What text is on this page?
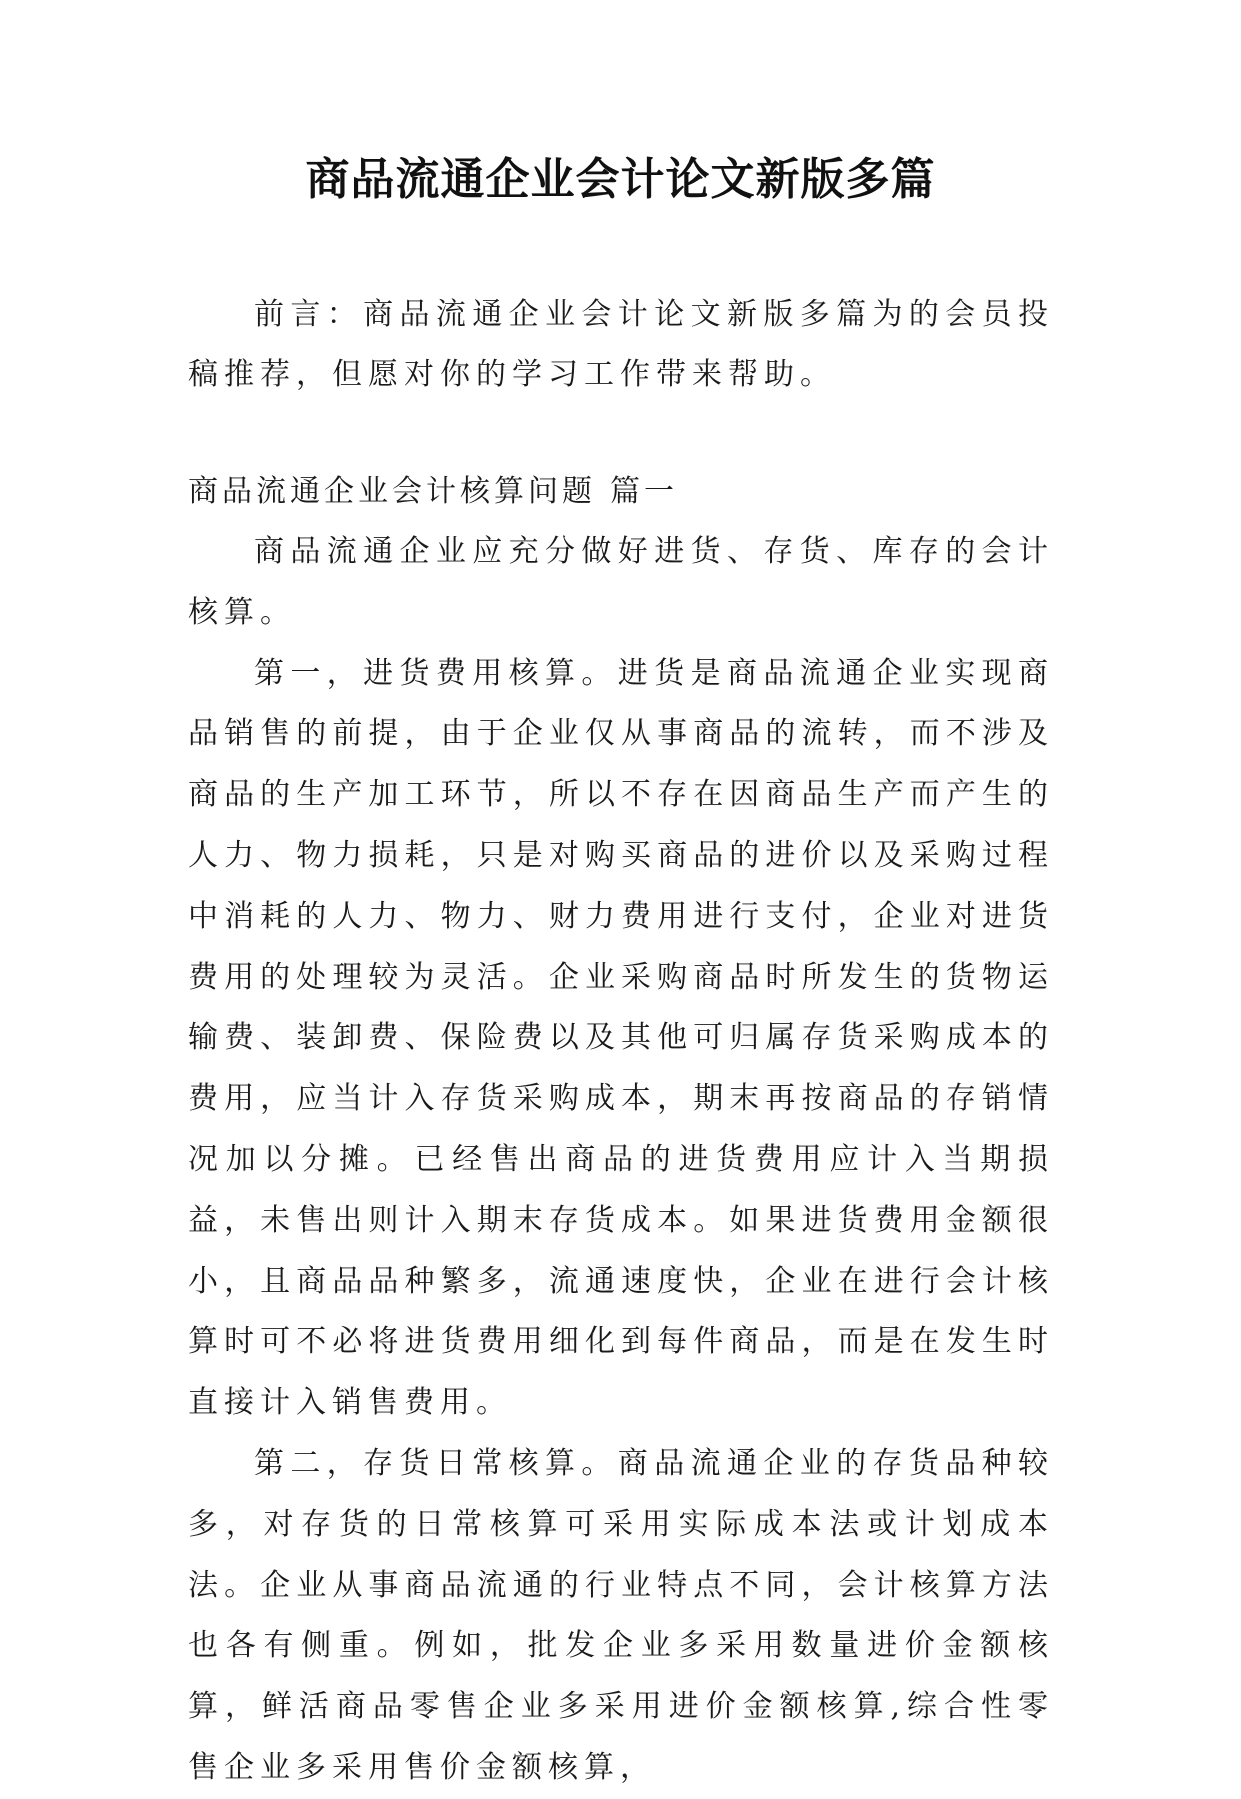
商品流通企业会计论文新版多篇
前言：商品流通企业会计论文新版多篇为的会员投稿推荐，但愿对你的学习工作带来帮助。
商品流通企业会计核算问题 篇一

商品流通企业应充分做好进货、存货、库存的会计核算。

第一，进货费用核算。进货是商品流通企业实现商品销售的前提，由于企业仅从事商品的流转，而不涉及商品的生产加工环节，所以不存在因商品生产而产生的人力、物力损耗，只是对购买商品的进价以及采购过程中消耗的人力、物力、财力费用进行支付，企业对进货费用的处理较为灵活。企业采购商品时所发生的货物运输费、装卸费、保险费以及其他可归属存货采购成本的费用，应当计入存货采购成本，期末再按商品的存销情况加以分摊。已经售出商品的进货费用应计入当期损益，未售出则计入期末存货成本。如果进货费用金额很小，且商品品种繁多，流通速度快，企业在进行会计核算时可不必将进货费用细化到每件商品，而是在发生时直接计入销售费用。

第二，存货日常核算。商品流通企业的存货品种较多，对存货的日常核算可采用实际成本法或计划成本法。企业从事商品流通的行业特点不同，会计核算方法也各有侧重。例如，批发企业多采用数量进价金额核算，鲜活商品零售企业多采用进价金额核算,综合性零售企业多采用售价金额核算，
